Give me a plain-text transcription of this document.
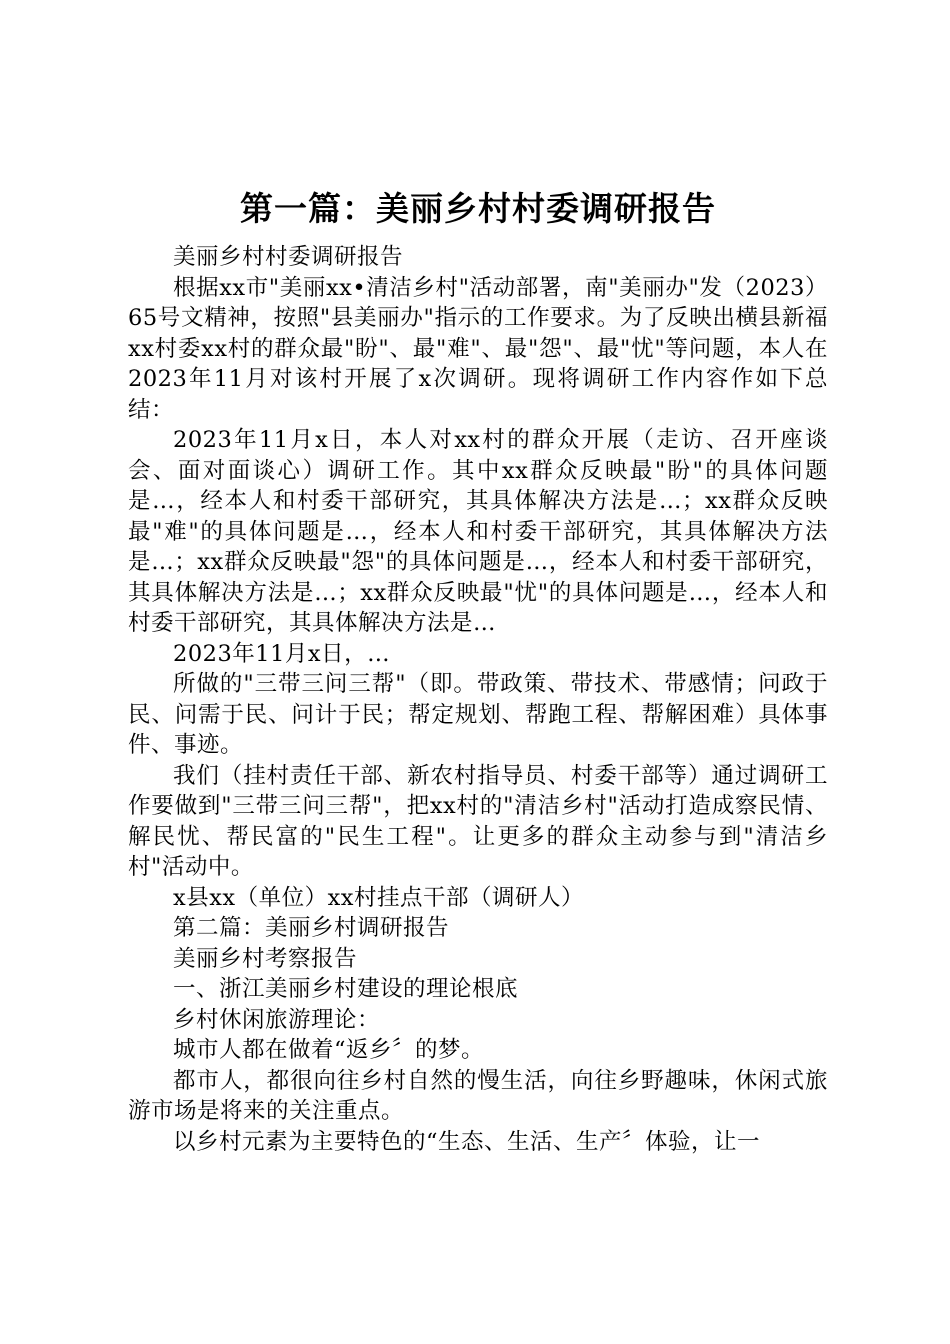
第一篇：美丽乡村村委调研报告

美丽乡村村委调研报告

根据xx市"美丽xx•清洁乡村"活动部署，南"美丽办"发（2023）65号文精神，按照"县美丽办"指示的工作要求。为了反映出横县新福xx村委xx村的群众最"盼"、最"难"、最"怨"、最"忧"等问题，本人在2023年11月对该村开展了x次调研。现将调研工作内容作如下总结：

2023年11月x日，本人对xx村的群众开展（走访、召开座谈会、面对面谈心）调研工作。其中xx群众反映最"盼"的具体问题是…，经本人和村委干部研究，其具体解决方法是…；xx群众反映最"难"的具体问题是…，经本人和村委干部研究，其具体解决方法是…；xx群众反映最"怨"的具体问题是…，经本人和村委干部研究，其具体解决方法是…；xx群众反映最"忧"的具体问题是…，经本人和村委干部研究，其具体解决方法是…

2023年11月x日，…

所做的"三带三问三帮"（即。带政策、带技术、带感情；问政于民、问需于民、问计于民；帮定规划、帮跑工程、帮解困难）具体事件、事迹。

我们（挂村责任干部、新农村指导员、村委干部等）通过调研工作要做到"三带三问三帮"，把xx村的"清洁乡村"活动打造成察民情、解民忧、帮民富的"民生工程"。让更多的群众主动参与到"清洁乡村"活动中。

x县xx（单位）xx村挂点干部（调研人）

第二篇：美丽乡村调研报告

美丽乡村考察报告

一、浙江美丽乡村建设的理论根底

乡村休闲旅游理论：

城市人都在做着“返乡〞的梦。

都市人，都很向往乡村自然的慢生活，向往乡野趣味，休闲式旅游市场是将来的关注重点。

以乡村元素为主要特色的“生态、生活、生产〞体验，让一
